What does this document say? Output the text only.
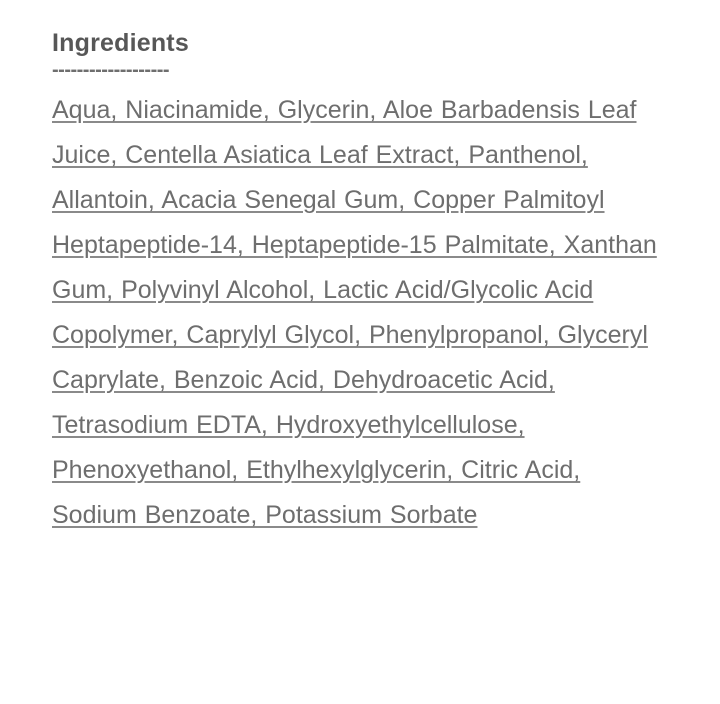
Ingredients
-------------------
Aqua, Niacinamide, Glycerin, Aloe Barbadensis Leaf Juice, Centella Asiatica Leaf Extract, Panthenol, Allantoin, Acacia Senegal Gum, Copper Palmitoyl Heptapeptide-14, Heptapeptide-15 Palmitate, Xanthan Gum, Polyvinyl Alcohol, Lactic Acid/Glycolic Acid Copolymer, Caprylyl Glycol, Phenylpropanol, Glyceryl Caprylate, Benzoic Acid, Dehydroacetic Acid, Tetrasodium EDTA, Hydroxyethylcellulose, Phenoxyethanol, Ethylhexylglycerin, Citric Acid, Sodium Benzoate, Potassium Sorbate
